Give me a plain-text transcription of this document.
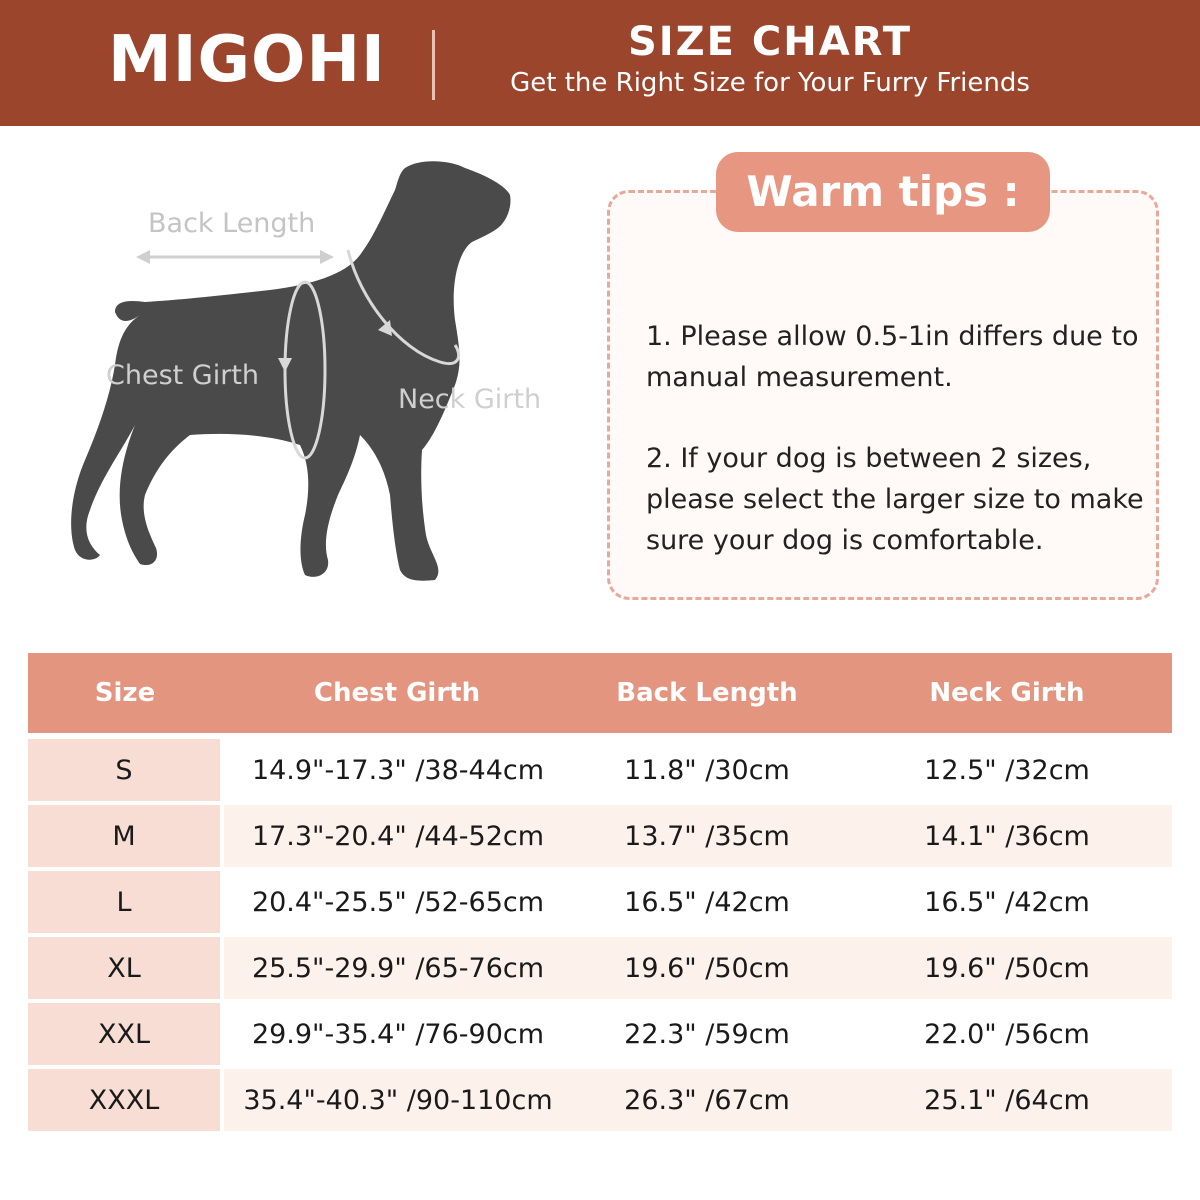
MIGOHI	SIZE CHART
Get the Right Size for Your Furry Friends
Back Length
Chest Girth
Neck Girth
Warm tips :
1. Please allow 0.5-1in differs due to manual measurement.
2. If your dog is between 2 sizes, please select the larger size to make sure your dog is comfortable.
Size	Chest Girth	Back Length	Neck Girth
S	14.9"-17.3" /38-44cm	11.8" /30cm	12.5" /32cm
M	17.3"-20.4" /44-52cm	13.7" /35cm	14.1" /36cm
L	20.4"-25.5" /52-65cm	16.5" /42cm	16.5" /42cm
XL	25.5"-29.9" /65-76cm	19.6" /50cm	19.6" /50cm
XXL	29.9"-35.4" /76-90cm	22.3" /59cm	22.0" /56cm
XXXL	35.4"-40.3" /90-110cm	26.3" /67cm	25.1" /64cm
